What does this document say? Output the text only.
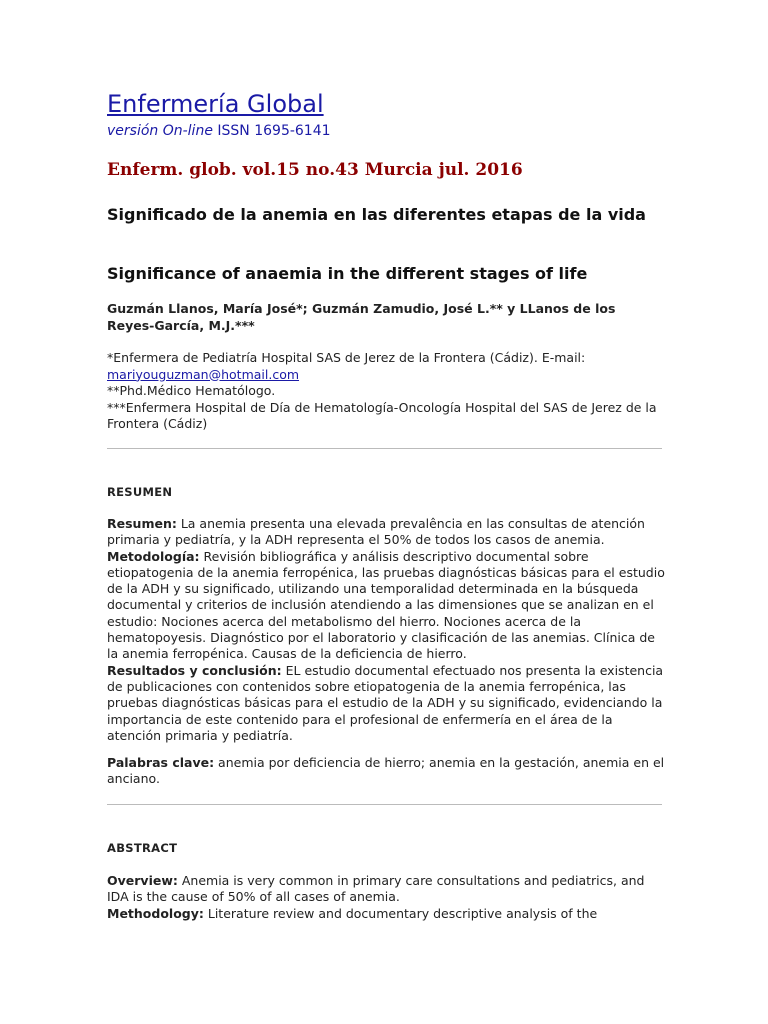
Enfermería Global
versión On-line ISSN 1695-6141
Enferm. glob. vol.15 no.43 Murcia jul. 2016
Significado de la anemia en las diferentes etapas de la vida
Significance of anaemia in the different stages of life
Guzmán Llanos, María José*; Guzmán Zamudio, José L.** y LLanos de los Reyes-García, M.J.***
*Enfermera de Pediatría Hospital SAS de Jerez de la Frontera (Cádiz). E-mail: mariyouguzman@hotmail.com
**Phd.Médico Hematólogo.
***Enfermera Hospital de Día de Hematología-Oncología Hospital del SAS de Jerez de la Frontera (Cádiz)
RESUMEN
Resumen: La anemia presenta una elevada prevalência en las consultas de atención primaria y pediatría, y la ADH representa el 50% de todos los casos de anemia.
Metodología: Revisión bibliográfica y análisis descriptivo documental sobre etiopatogenia de la anemia ferropénica, las pruebas diagnósticas básicas para el estudio de la ADH y su significado, utilizando una temporalidad determinada en la búsqueda documental y criterios de inclusión atendiendo a las dimensiones que se analizan en el estudio: Nociones acerca del metabolismo del hierro. Nociones acerca de la hematopoyesis. Diagnóstico por el laboratorio y clasificación de las anemias. Clínica de la anemia ferropénica. Causas de la deficiencia de hierro.
Resultados y conclusión: EL estudio documental efectuado nos presenta la existencia de publicaciones con contenidos sobre etiopatogenia de la anemia ferropénica, las pruebas diagnósticas básicas para el estudio de la ADH y su significado, evidenciando la importancia de este contenido para el profesional de enfermería en el área de la atención primaria y pediatría.
Palabras clave: anemia por deficiencia de hierro; anemia en la gestación, anemia en el anciano.
ABSTRACT
Overview: Anemia is very common in primary care consultations and pediatrics, and IDA is the cause of 50% of all cases of anemia.
Methodology: Literature review and documentary descriptive analysis of the
